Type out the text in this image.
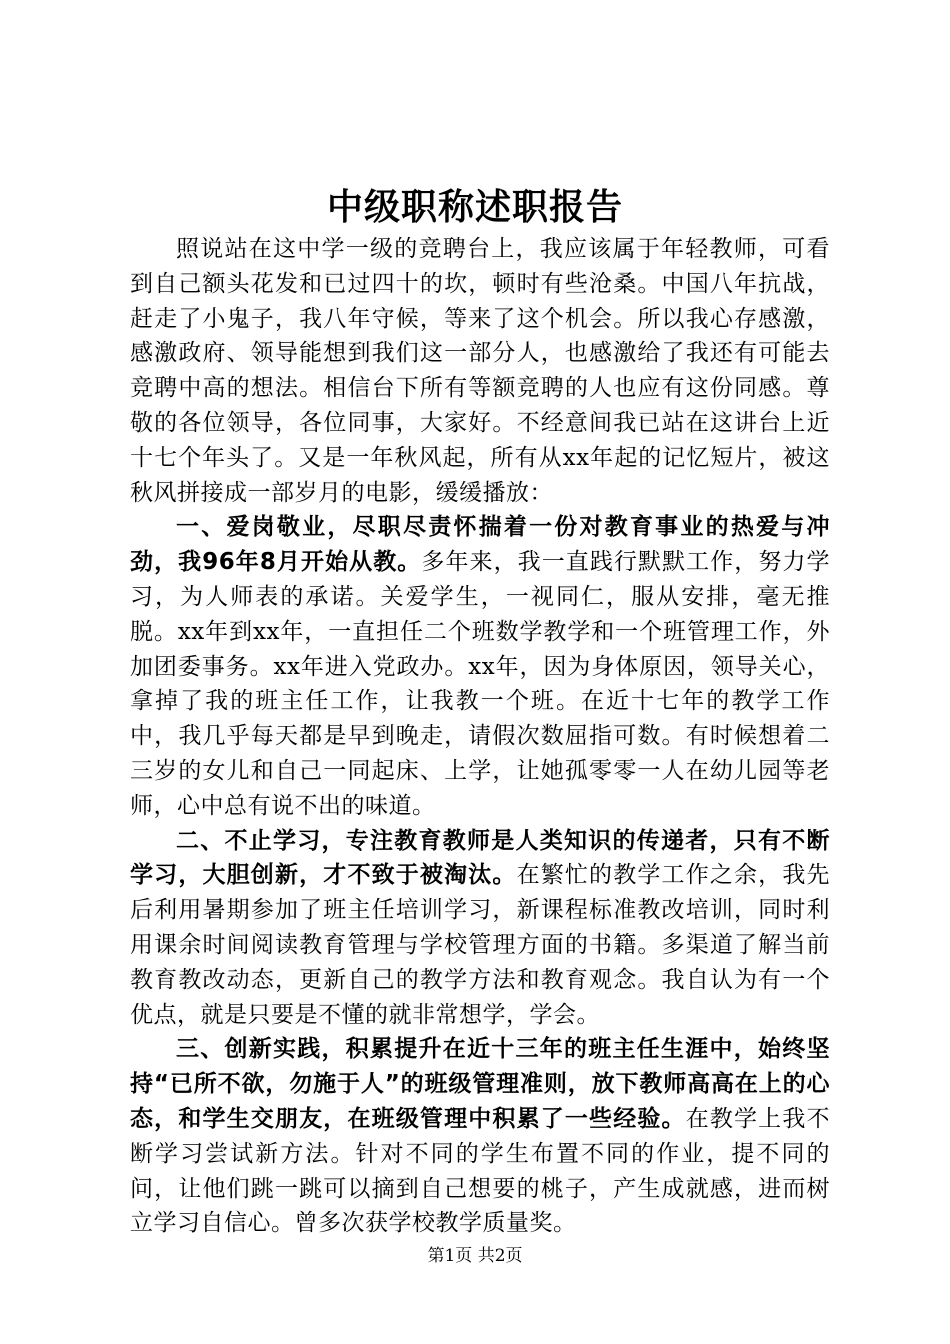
中级职称述职报告

照说站在这中学一级的竞聘台上，我应该属于年轻教师，可看到自己额头花发和已过四十的坎，顿时有些沧桑。中国八年抗战，赶走了小鬼子，我八年守候，等来了这个机会。所以我心存感激，感激政府、领导能想到我们这一部分人，也感激给了我还有可能去竞聘中高的想法。相信台下所有等额竞聘的人也应有这份同感。尊敬的各位领导，各位同事，大家好。不经意间我已站在这讲台上近十七个年头了。又是一年秋风起，所有从xx年起的记忆短片，被这秋风拼接成一部岁月的电影，缓缓播放：

一、爱岗敬业，尽职尽责怀揣着一份对教育事业的热爱与冲劲，我96年8月开始从教。多年来，我一直践行默默工作，努力学习，为人师表的承诺。关爱学生，一视同仁，服从安排，毫无推脱。xx年到xx年，一直担任二个班数学教学和一个班管理工作，外加团委事务。xx年进入党政办。xx年，因为身体原因，领导关心，拿掉了我的班主任工作，让我教一个班。在近十七年的教学工作中，我几乎每天都是早到晚走，请假次数屈指可数。有时候想着二三岁的女儿和自己一同起床、上学，让她孤零零一人在幼儿园等老师，心中总有说不出的味道。

二、不止学习，专注教育教师是人类知识的传递者，只有不断学习，大胆创新，才不致于被淘汰。在繁忙的教学工作之余，我先后利用暑期参加了班主任培训学习，新课程标准教改培训，同时利用课余时间阅读教育管理与学校管理方面的书籍。多渠道了解当前教育教改动态，更新自己的教学方法和教育观念。我自认为有一个优点，就是只要是不懂的就非常想学，学会。

三、创新实践，积累提升在近十三年的班主任生涯中，始终坚持“已所不欲，勿施于人”的班级管理准则，放下教师高高在上的心态，和学生交朋友，在班级管理中积累了一些经验。在教学上我不断学习尝试新方法。针对不同的学生布置不同的作业，提不同的问，让他们跳一跳可以摘到自己想要的桃子，产生成就感，进而树立学习自信心。曾多次获学校教学质量奖。

第1页 共2页
